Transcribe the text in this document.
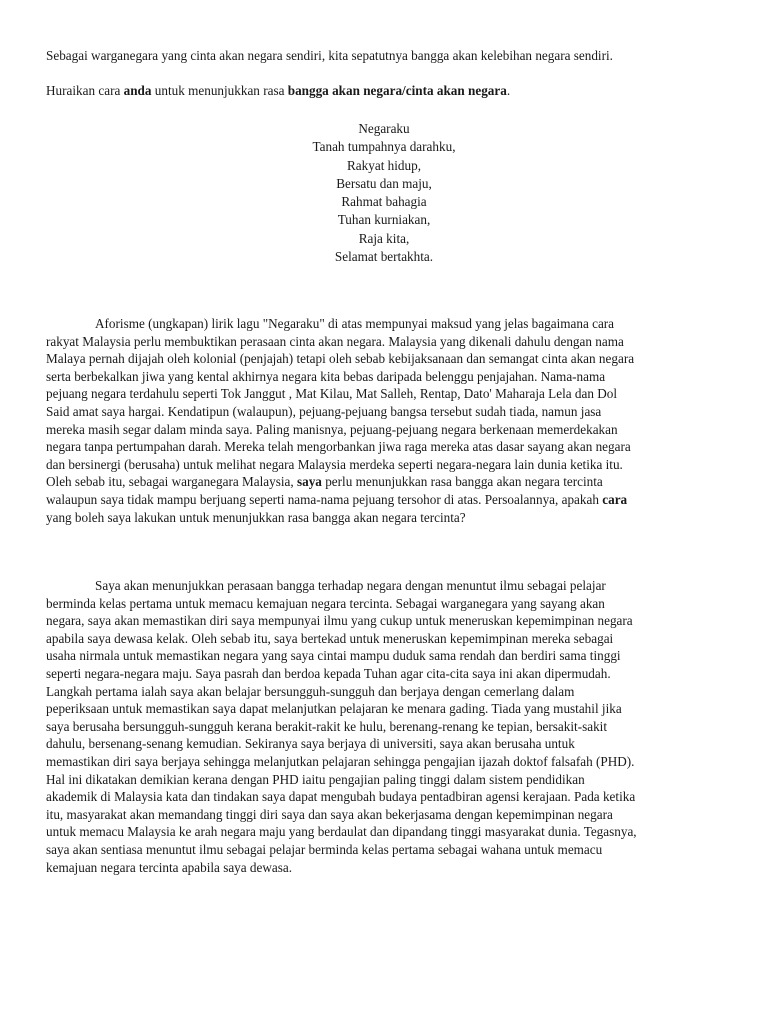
Sebagai warganegara yang cinta akan negara sendiri, kita sepatutnya bangga akan kelebihan negara sendiri.

Huraikan cara anda untuk menunjukkan rasa bangga akan negara/cinta akan negara.

Negaraku
Tanah tumpahnya darahku,
Rakyat hidup,
Bersatu dan maju,
Rahmat bahagia
Tuhan kurniakan,
Raja kita,
Selamat bertakhta.
Aforisme (ungkapan) lirik lagu "Negaraku" di atas mempunyai maksud yang jelas bagaimana cara
rakyat Malaysia perlu membuktikan perasaan cinta akan negara. Malaysia yang dikenali dahulu dengan nama
Malaya pernah dijajah oleh kolonial (penjajah) tetapi oleh sebab kebijaksanaan dan semangat cinta akan negara
serta berbekalkan jiwa yang kental akhirnya negara kita bebas daripada belenggu penjajahan. Nama-nama
pejuang negara terdahulu seperti Tok Janggut , Mat Kilau, Mat Salleh, Rentap, Dato' Maharaja Lela dan Dol
Said amat saya hargai. Kendatipun (walaupun), pejuang-pejuang bangsa tersebut sudah tiada, namun jasa
mereka masih segar dalam minda saya. Paling manisnya, pejuang-pejuang negara berkenaan memerdekakan
negara tanpa pertumpahan darah. Mereka telah mengorbankan jiwa raga mereka atas dasar sayang akan negara
dan bersinergi (berusaha) untuk melihat negara Malaysia merdeka seperti negara-negara lain dunia ketika itu.
Oleh sebab itu, sebagai warganegara Malaysia, saya perlu menunjukkan rasa bangga akan negara tercinta
walaupun saya tidak mampu berjuang seperti nama-nama pejuang tersohor di atas. Persoalannya, apakah cara
yang boleh saya lakukan untuk menunjukkan rasa bangga akan negara tercinta?
Saya akan menunjukkan perasaan bangga terhadap negara dengan menuntut ilmu sebagai pelajar
berminda kelas pertama untuk memacu kemajuan negara tercinta. Sebagai warganegara yang sayang akan
negara, saya akan memastikan diri saya mempunyai ilmu yang cukup untuk meneruskan kepemimpinan negara
apabila saya dewasa kelak. Oleh sebab itu, saya bertekad untuk meneruskan kepemimpinan mereka sebagai
usaha nirmala untuk memastikan negara yang saya cintai mampu duduk sama rendah dan berdiri sama tinggi
seperti negara-negara maju. Saya pasrah dan berdoa kepada Tuhan agar cita-cita saya ini akan dipermudah.
Langkah pertama ialah saya akan belajar bersungguh-sungguh dan berjaya dengan cemerlang dalam
peperiksaan untuk memastikan saya dapat melanjutkan pelajaran ke menara gading. Tiada yang mustahil jika
saya berusaha bersungguh-sungguh kerana berakit-rakit ke hulu, berenang-renang ke tepian, bersakit-sakit
dahulu, bersenang-senang kemudian. Sekiranya saya berjaya di universiti, saya akan berusaha untuk
memastikan diri saya berjaya sehingga melanjutkan pelajaran sehingga pengajian ijazah doktof falsafah (PHD).
Hal ini dikatakan demikian kerana dengan PHD iaitu pengajian paling tinggi dalam sistem pendidikan
akademik di Malaysia kata dan tindakan saya dapat mengubah budaya pentadbiran agensi kerajaan. Pada ketika
itu, masyarakat akan memandang tinggi diri saya dan saya akan bekerjasama dengan kepemimpinan negara
untuk memacu Malaysia ke arah negara maju yang berdaulat dan dipandang tinggi masyarakat dunia. Tegasnya,
saya akan sentiasa menuntut ilmu sebagai pelajar berminda kelas pertama sebagai wahana untuk memacu
kemajuan negara tercinta apabila saya dewasa.
